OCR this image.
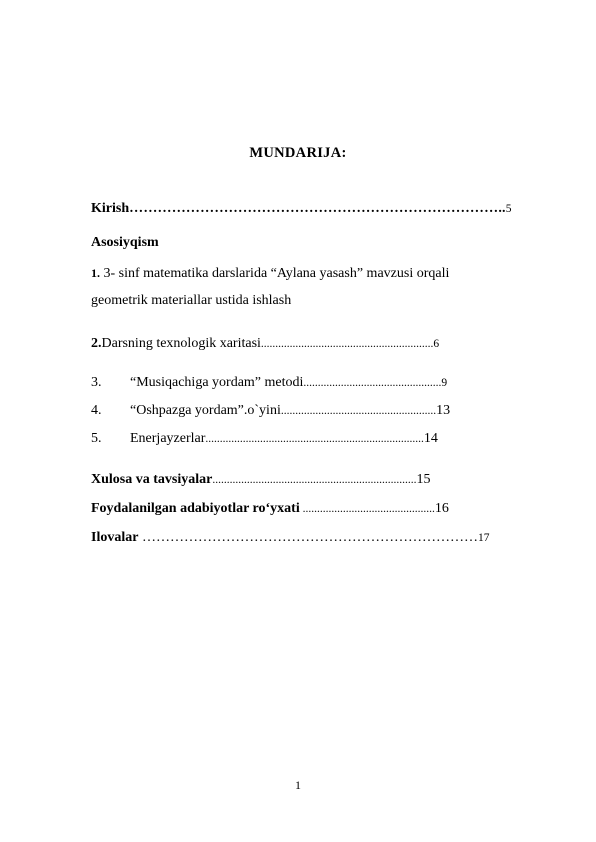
MUNDARIJA:
Kirish……………………………………………………………………..5
Asosiyqism
1. 3- sinf matematika darslarida “Aylana yasash” mavzusi orqali
geometrik materiallar ustida ishlash
2.Darsning texnologik xaritasi............................................................6
3. “Musiqachiga yordam” metodi................................................9
4. “Oshpazga yordam”.o`yini......................................................13
5. Enerjayzerlar............................................................................14
Xulosa va tavsiyalar.......................................................................15
Foydalanilgan adabiyotlar ro‘yxati ..............................................16
Ilovalar ………………………………………………………………17
1
